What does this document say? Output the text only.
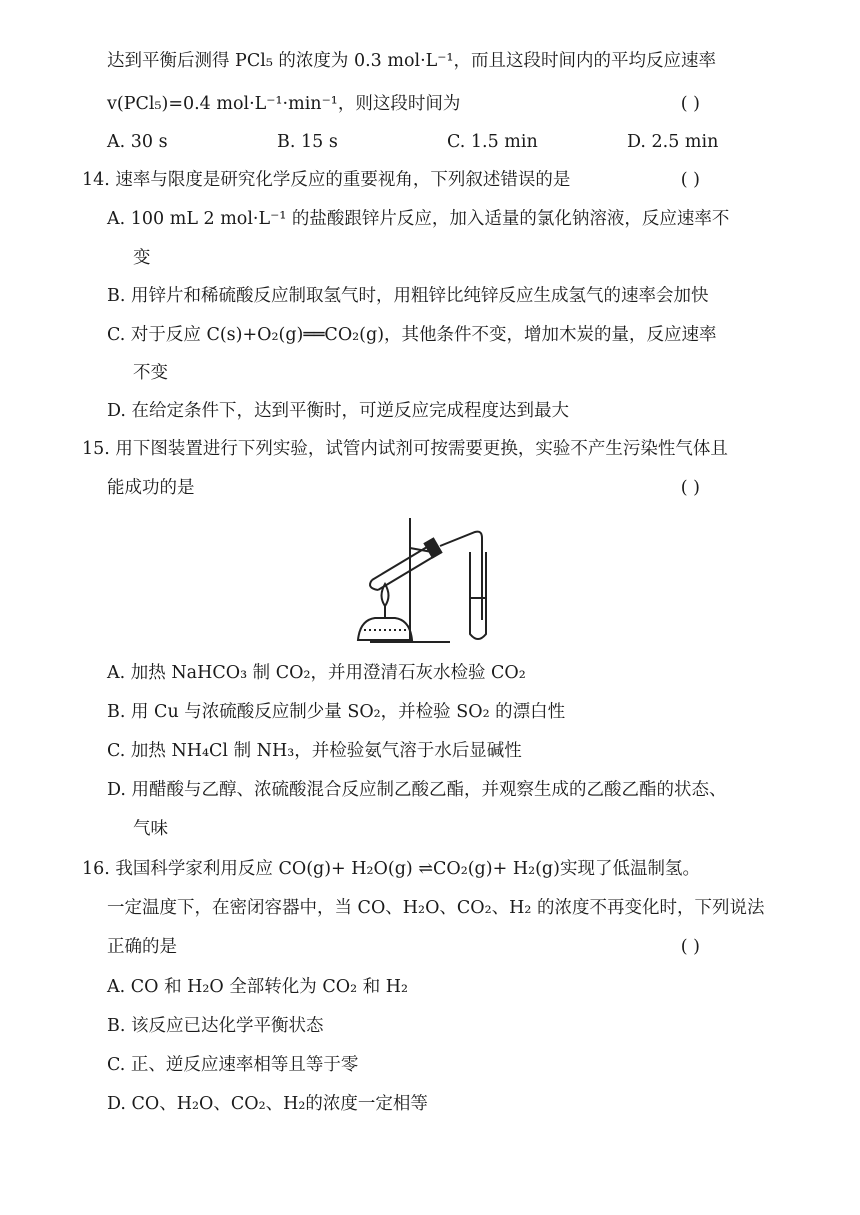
达到平衡后测得 PCl₅ 的浓度为 0.3 mol·L⁻¹，而且这段时间内的平均反应速率
v(PCl₅)=0.4 mol·L⁻¹·min⁻¹，则这段时间为	( )
A. 30 s	B. 15 s	C. 1.5 min	D. 2.5 min
14. 速率与限度是研究化学反应的重要视角，下列叙述错误的是	( )
A. 100 mL 2 mol·L⁻¹ 的盐酸跟锌片反应，加入适量的氯化钠溶液，反应速率不
变
B. 用锌片和稀硫酸反应制取氢气时，用粗锌比纯锌反应生成氢气的速率会加快
C. 对于反应 C(s)+O₂(g)══CO₂(g)，其他条件不变，增加木炭的量，反应速率
不变
D. 在给定条件下，达到平衡时，可逆反应完成程度达到最大
15. 用下图装置进行下列实验，试管内试剂可按需要更换，实验不产生污染性气体且
能成功的是	( )
A. 加热 NaHCO₃ 制 CO₂，并用澄清石灰水检验 CO₂
B. 用 Cu 与浓硫酸反应制少量 SO₂，并检验 SO₂ 的漂白性
C. 加热 NH₄Cl 制 NH₃，并检验氨气溶于水后显碱性
D. 用醋酸与乙醇、浓硫酸混合反应制乙酸乙酯，并观察生成的乙酸乙酯的状态、
气味
16. 我国科学家利用反应 CO(g)+ H₂O(g) ⇌CO₂(g)+ H₂(g)实现了低温制氢。
一定温度下，在密闭容器中，当 CO、H₂O、CO₂、H₂ 的浓度不再变化时，下列说法
正确的是	( )
A. CO 和 H₂O 全部转化为 CO₂ 和 H₂
B. 该反应已达化学平衡状态
C. 正、逆反应速率相等且等于零
D. CO、H₂O、CO₂、H₂的浓度一定相等
